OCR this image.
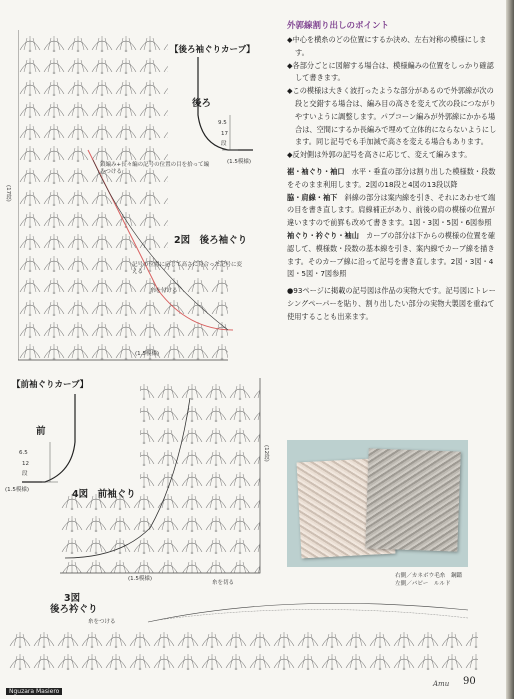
【後ろ袖ぐりカーブ】
後ろ
9.5
17
段
(1.5模様)
(17段)
鎖編み+長々編の記号の位置の目を拾って編みつける
2図　後ろ袖ぐり
記号の位置に応じて高さに見合った記号に変える
糸を付ける
(1.5模様)
【前袖ぐりカーブ】
前
6.5
12
段
(1.5模様)
(12段)
4図　前袖ぐり
(1.5模様)
3図
後ろ衿ぐり
糸を切る
糸をつける
外郭線割り出しのポイント

◆中心を横糸のどの位置にするか決め、左右対称の模様にします。

◆各部分ごとに図解する場合は、模様編みの位置をしっかり確認して書きます。

◆この模様は大きく波打ったような部分があるので外郭線が次の段と交錯する場合は、編み目の高さを変えて次の段につながりやすいように調整します。パプコーン編みが外郭線にかかる場合は、空間にするか長編みで埋めて立体的にならないようにします。同じ記号でも手加減で高さを変える場合もあります。

◆反対側は外郭の記号を高さに応じて、変えて編みます。

裾・袖ぐり・袖口　 水平・垂直の部分は割り出した模様数・段数をそのまま利用します。2図の18段と4図の13段以降

脇・肩線・袖下　 斜線の部分は案内線を引き、それにあわせて端の目を書き直します。肩線補正があり、前後の肩の模様の位置が違いますので前罫も改めて書きます。1図・3図・5図・6図参照

袖ぐり・衿ぐり・袖山　 カーブの部分は下からの模様の位置を確認して、模様数・段数の基本線を引き、案内線でカーブ線を描きます。そのカーブ線に沿って記号を書き直します。2図・3図・4図・5図・7図参照

●93ページに掲載の記号図は作品の実物大です。記号図にトレーシングペーパーを貼り、割り出したい部分の実物大製図を重ねて使用することも出来ます。

右側／カネボウ毛糸　鋼鑑
左側／パピー　ルルド
Amu 90
Nguzara Masiero
